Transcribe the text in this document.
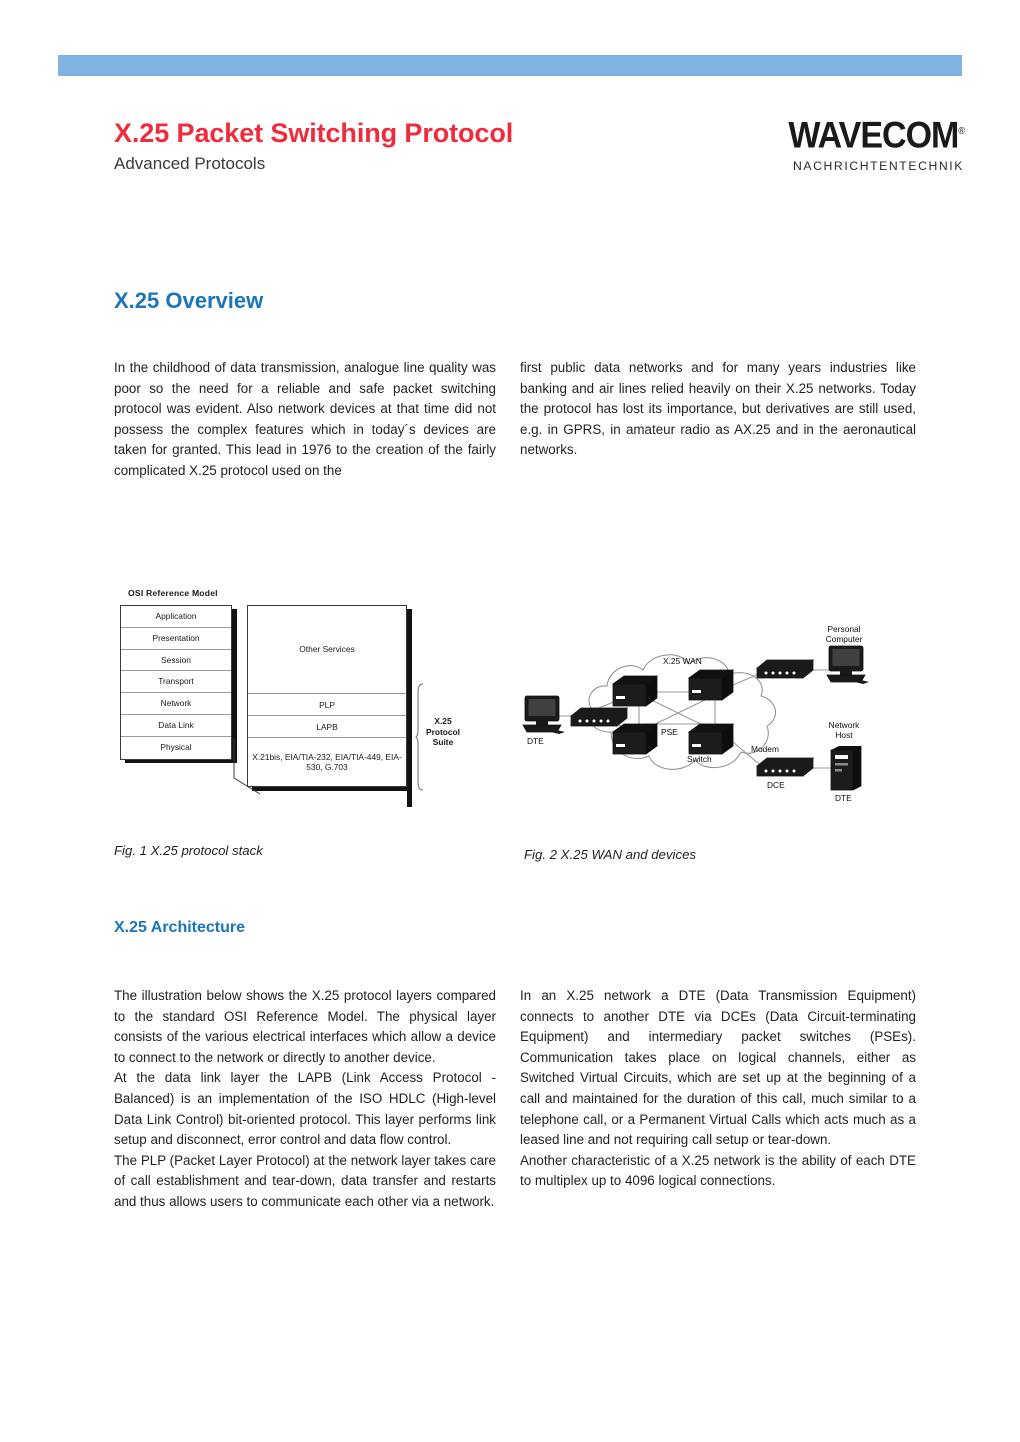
X.25 Packet Switching Protocol
Advanced Protocols
WAVECOM®
NACHRICHTENTECHNIK
X.25 Overview

In the childhood of data transmission, analogue line quality was poor so the need for a reliable and safe packet switching protocol was evident. Also network devices at that time did not possess the complex features which in today´s devices are taken for granted. This lead in 1976 to the creation of the fairly complicated X.25 protocol used on the

first public data networks and for many years industries like banking and air lines relied heavily on their X.25 networks. Today the protocol has lost its importance, but derivatives are still used, e.g. in GPRS, in amateur radio as AX.25 and in the aeronautical networks.

OSI Reference Model
Application
Presentation
Session
Transport
Network
Data Link
Physical
Other Services
PLP
LAPB
X.21bis, EIA/TIA-232, EIA/TIA-449, EIA-530, G.703
X.25
Protocol
Suite
X.25 WAN
DTE
PSE
Switch
Modem
DCE
Personal
Computer
Network
Host
DTE
Fig. 1 X.25 protocol stack	Fig. 2 X.25 WAN and devices
X.25 Architecture

The illustration below shows the X.25 protocol layers compared to the standard OSI Reference Model. The physical layer consists of the various electrical interfaces which allow a device to connect to the network or directly to another device.

At the data link layer the LAPB (Link Access Protocol - Balanced) is an implementation of the ISO HDLC (High-level Data Link Control) bit-oriented protocol. This layer performs link setup and disconnect, error control and data flow control.

The PLP (Packet Layer Protocol) at the network layer takes care of call establishment and tear-down, data transfer and restarts and thus allows users to communicate each other via a network.

In an X.25 network a DTE (Data Transmission Equipment) connects to another DTE via DCEs (Data Circuit-terminating Equipment) and intermediary packet switches (PSEs). Communication takes place on logical channels, either as Switched Virtual Circuits, which are set up at the beginning of a call and maintained for the duration of this call, much similar to a telephone call, or a Permanent Virtual Calls which acts much as a leased line and not requiring call setup or tear-down.

Another characteristic of a X.25 network is the ability of each DTE to multiplex up to 4096 logical connections.
